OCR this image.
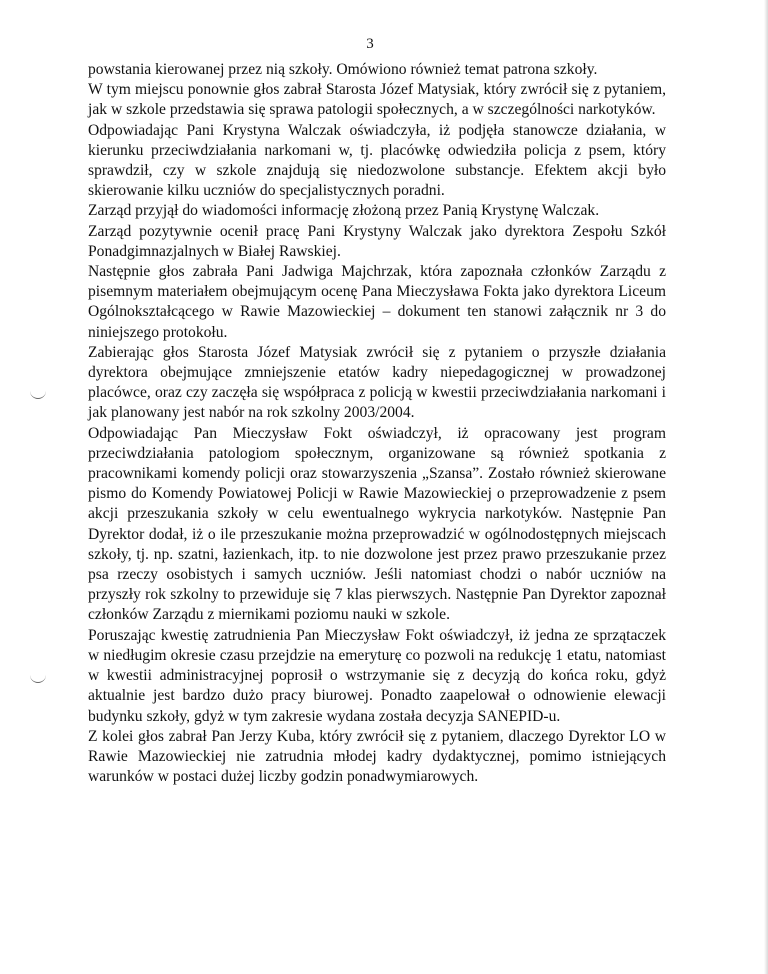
3

powstania kierowanej przez nią szkoły. Omówiono również temat patrona szkoły.

W tym miejscu ponownie głos zabrał Starosta Józef Matysiak, który zwrócił się z pytaniem, jak w szkole przedstawia się sprawa patologii społecznych, a w szczególności narkotyków.

Odpowiadając Pani Krystyna Walczak oświadczyła, iż podjęła stanowcze działania, w kierunku przeciwdziałania narkomani w, tj. placówkę odwiedziła policja z psem, który sprawdził, czy w szkole znajdują się niedozwolone substancje. Efektem akcji było skierowanie kilku uczniów do specjalistycznych poradni.

Zarząd przyjął do wiadomości informację złożoną przez Panią Krystynę Walczak.

Zarząd pozytywnie ocenił pracę Pani Krystyny Walczak jako dyrektora Zespołu Szkół Ponadgimnazjalnych w Białej Rawskiej.

Następnie głos zabrała Pani Jadwiga Majchrzak, która zapoznała członków Zarządu z pisemnym materiałem obejmującym ocenę Pana Mieczysława Fokta jako dyrektora Liceum Ogólnokształcącego w Rawie Mazowieckiej – dokument ten stanowi załącznik nr 3 do niniejszego protokołu.

Zabierając głos Starosta Józef Matysiak zwrócił się z pytaniem o przyszłe działania dyrektora obejmujące zmniejszenie etatów kadry niepedagogicznej w prowadzonej placówce, oraz czy zaczęła się współpraca z policją w kwestii przeciwdziałania narkomani i jak planowany jest nabór na rok szkolny 2003/2004.

Odpowiadając Pan Mieczysław Fokt oświadczył, iż opracowany jest program przeciwdziałania patologiom społecznym, organizowane są również spotkania z pracownikami komendy policji oraz stowarzyszenia „Szansa”. Zostało również skierowane pismo do Komendy Powiatowej Policji w Rawie Mazowieckiej o przeprowadzenie z psem akcji przeszukania szkoły w celu ewentualnego wykrycia narkotyków. Następnie Pan Dyrektor dodał, iż o ile przeszukanie można przeprowadzić w ogólnodostępnych miejscach szkoły, tj. np. szatni, łazienkach, itp. to nie dozwolone jest przez prawo przeszukanie przez psa rzeczy osobistych i samych uczniów. Jeśli natomiast chodzi o nabór uczniów na przyszły rok szkolny to przewiduje się 7 klas pierwszych. Następnie Pan Dyrektor zapoznał członków Zarządu z miernikami poziomu nauki w szkole.

Poruszając kwestię zatrudnienia Pan Mieczysław Fokt oświadczył, iż jedna ze sprzątaczek w niedługim okresie czasu przejdzie na emeryturę co pozwoli na redukcję 1 etatu, natomiast w kwestii administracyjnej poprosił o wstrzymanie się z decyzją do końca roku, gdyż aktualnie jest bardzo dużo pracy biurowej. Ponadto zaapelował o odnowienie elewacji budynku szkoły, gdyż w tym zakresie wydana została decyzja SANEPID-u.

Z kolei głos zabrał Pan Jerzy Kuba, który zwrócił się z pytaniem, dlaczego Dyrektor LO w Rawie Mazowieckiej nie zatrudnia młodej kadry dydaktycznej, pomimo istniejących warunków w postaci dużej liczby godzin ponadwymiarowych.
